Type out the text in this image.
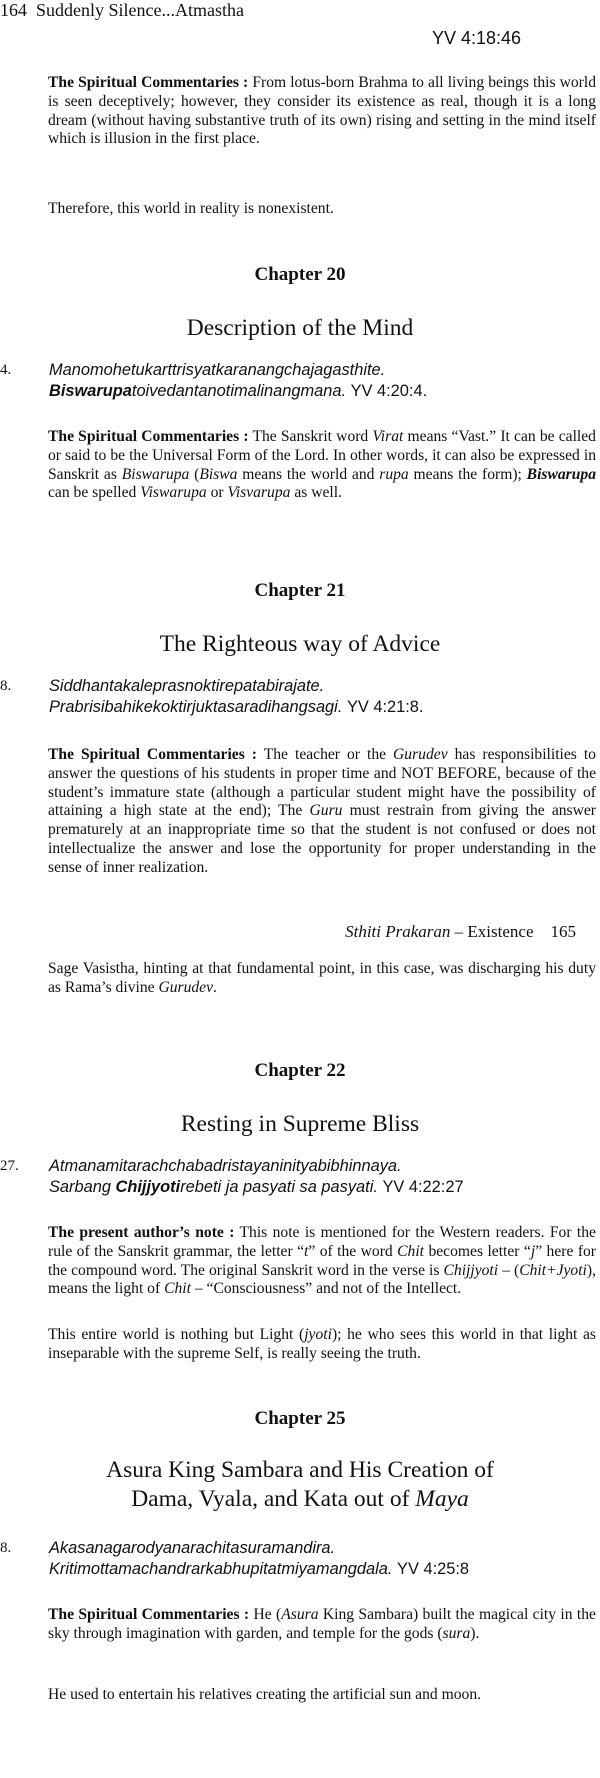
164 Suddenly Silence...Atmastha
YV 4:18:46

The Spiritual Commentaries : From lotus-born Brahma to all living beings this world is seen deceptively; however, they consider its existence as real, though it is a long dream (without having substantive truth of its own) rising and setting in the mind itself which is illusion in the first place.

Therefore, this world in reality is nonexistent.

Chapter 20
Description of the Mind
4. Manomohetukarttrisyatkaranangchajagasthite.
Biswarupatoivedantanotimalinangmana. YV 4:20:4.

The Spiritual Commentaries : The Sanskrit word Virat means “Vast.” It can be called or said to be the Universal Form of the Lord. In other words, it can also be expressed in Sanskrit as Biswarupa (Biswa means the world and rupa means the form); Biswarupa can be spelled Viswarupa or Visvarupa as well.

Chapter 21
The Righteous way of Advice
8. Siddhantakaleprasnoktirepatabirajate.
Prabrisibahikekoktirjuktasaradihangsagi. YV 4:21:8.

The Spiritual Commentaries : The teacher or the Gurudev has responsibilities to answer the questions of his students in proper time and NOT BEFORE, because of the student’s immature state (although a particular student might have the possibility of attaining a high state at the end); The Guru must restrain from giving the answer prematurely at an inappropriate time so that the student is not confused or does not intellectualize the answer and lose the opportunity for proper understanding in the sense of inner realization.

Sthiti Prakaran – Existence 165

Sage Vasistha, hinting at that fundamental point, in this case, was discharging his duty as Rama’s divine Gurudev.

Chapter 22
Resting in Supreme Bliss
27. Atmanamitarachchabadristayaninityabibhinnaya.
Sarbang Chijjyotirebeti ja pasyati sa pasyati. YV 4:22:27

The present author’s note : This note is mentioned for the Western readers. For the rule of the Sanskrit grammar, the letter “t” of the word Chit becomes letter “j” here for the compound word. The original Sanskrit word in the verse is Chijjyoti – (Chit+Jyoti), means the light of Chit – “Consciousness” and not of the Intellect.

This entire world is nothing but Light (jyoti); he who sees this world in that light as inseparable with the supreme Self, is really seeing the truth.

Chapter 25
Asura King Sambara and His Creation of
Dama, Vyala, and Kata out of Maya
8. Akasanagarodyanarachitasuramandira.
Kritimottamachandrarkabhupitatmiyamangdala. YV 4:25:8

The Spiritual Commentaries : He (Asura King Sambara) built the magical city in the sky through imagination with garden, and temple for the gods (sura).

He used to entertain his relatives creating the artificial sun and moon.
